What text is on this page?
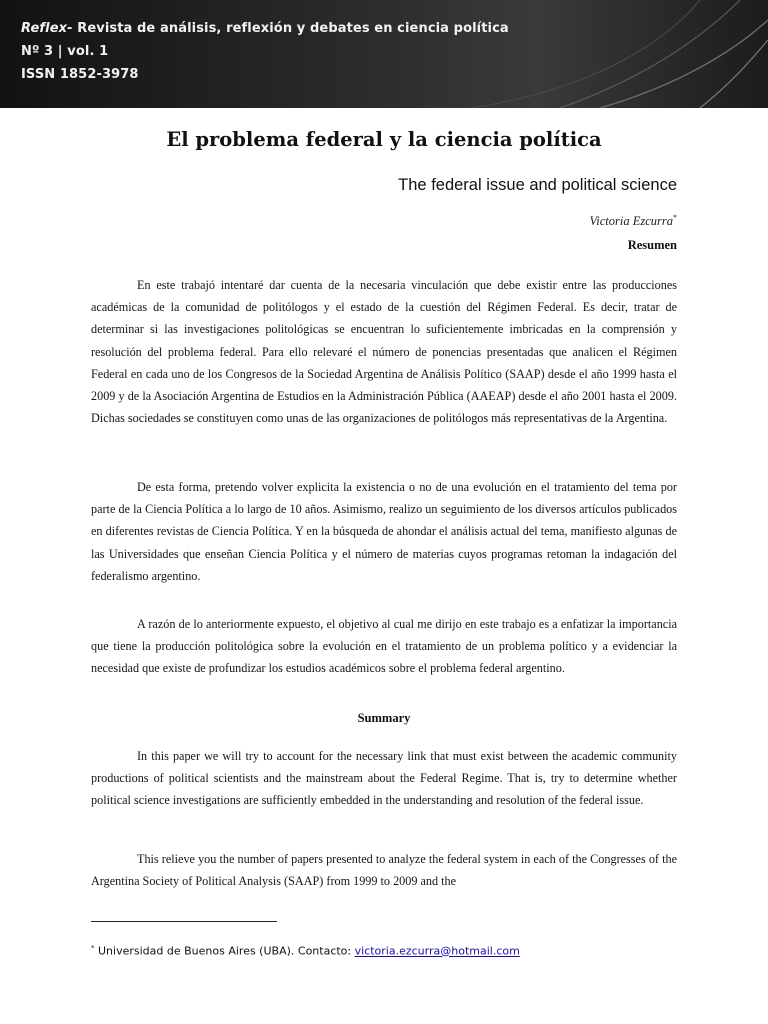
Reflex- Revista de análisis, reflexión y debates en ciencia política
Nº 3 | vol. 1
ISSN 1852-3978
El problema federal y la ciencia política
The federal issue and political science
Victoria Ezcurra*
Resumen

En este trabajó intentaré dar cuenta de la necesaria vinculación que debe existir entre las producciones académicas de la comunidad de politólogos y el estado de la cuestión del Régimen Federal. Es decir, tratar de determinar si las investigaciones politológicas se encuentran lo suficientemente imbricadas en la comprensión y resolución del problema federal. Para ello relevaré el número de ponencias presentadas que analicen el Régimen Federal en cada uno de los Congresos de la Sociedad Argentina de Análisis Político (SAAP) desde el año 1999 hasta el 2009 y de la Asociación Argentina de Estudios en la Administración Pública (AAEAP) desde el año 2001 hasta el 2009. Dichas sociedades se constituyen como unas de las organizaciones de politólogos más representativas de la Argentina.

De esta forma, pretendo volver explicita la existencia o no de una evolución en el tratamiento del tema por parte de la Ciencia Política a lo largo de 10 años. Asimismo, realizo un seguimiento de los diversos artículos publicados en diferentes revistas de Ciencia Política. Y en la búsqueda de ahondar el análisis actual del tema, manifiesto algunas de las Universidades que enseñan Ciencia Política y el número de materias cuyos programas retoman la indagación del federalismo argentino.

A razón de lo anteriormente expuesto, el objetivo al cual me dirijo en este trabajo es a enfatizar la importancia que tiene la producción politológica sobre la evolución en el tratamiento de un problema político y a evidenciar la necesidad que existe de profundizar los estudios académicos sobre el problema federal argentino.

Summary

In this paper we will try to account for the necessary link that must exist between the academic community productions of political scientists and the mainstream about the Federal Regime. That is, try to determine whether political science investigations are sufficiently embedded in the understanding and resolution of the federal issue.

This relieve you the number of papers presented to analyze the federal system in each of the Congresses of the Argentina Society of Political Analysis (SAAP) from 1999 to 2009 and the

* Universidad de Buenos Aires (UBA). Contacto: victoria.ezcurra@hotmail.com
